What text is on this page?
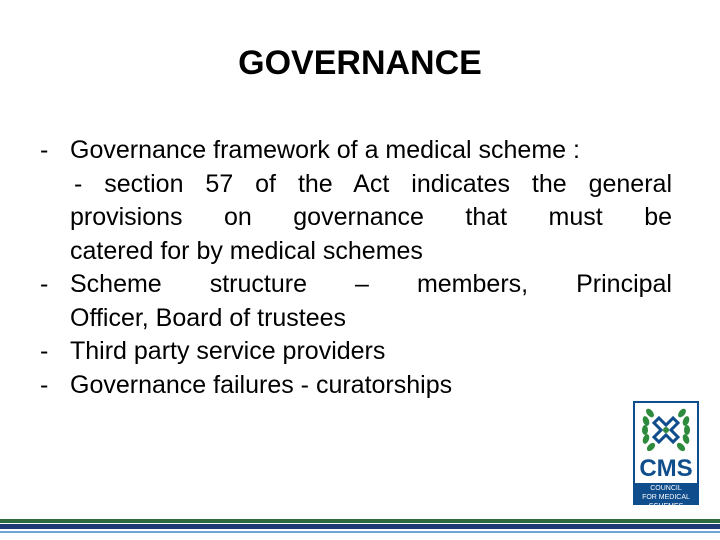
GOVERNANCE
- Governance framework of a medical scheme :
- section 57 of the Act indicates the general
provisions on governance that must be
catered for by medical schemes
- Scheme structure – members, Principal
Officer, Board of trustees
- Third party service providers
- Governance failures - curatorships
CMS
COUNCIL
FOR MEDICAL SCHEMES
